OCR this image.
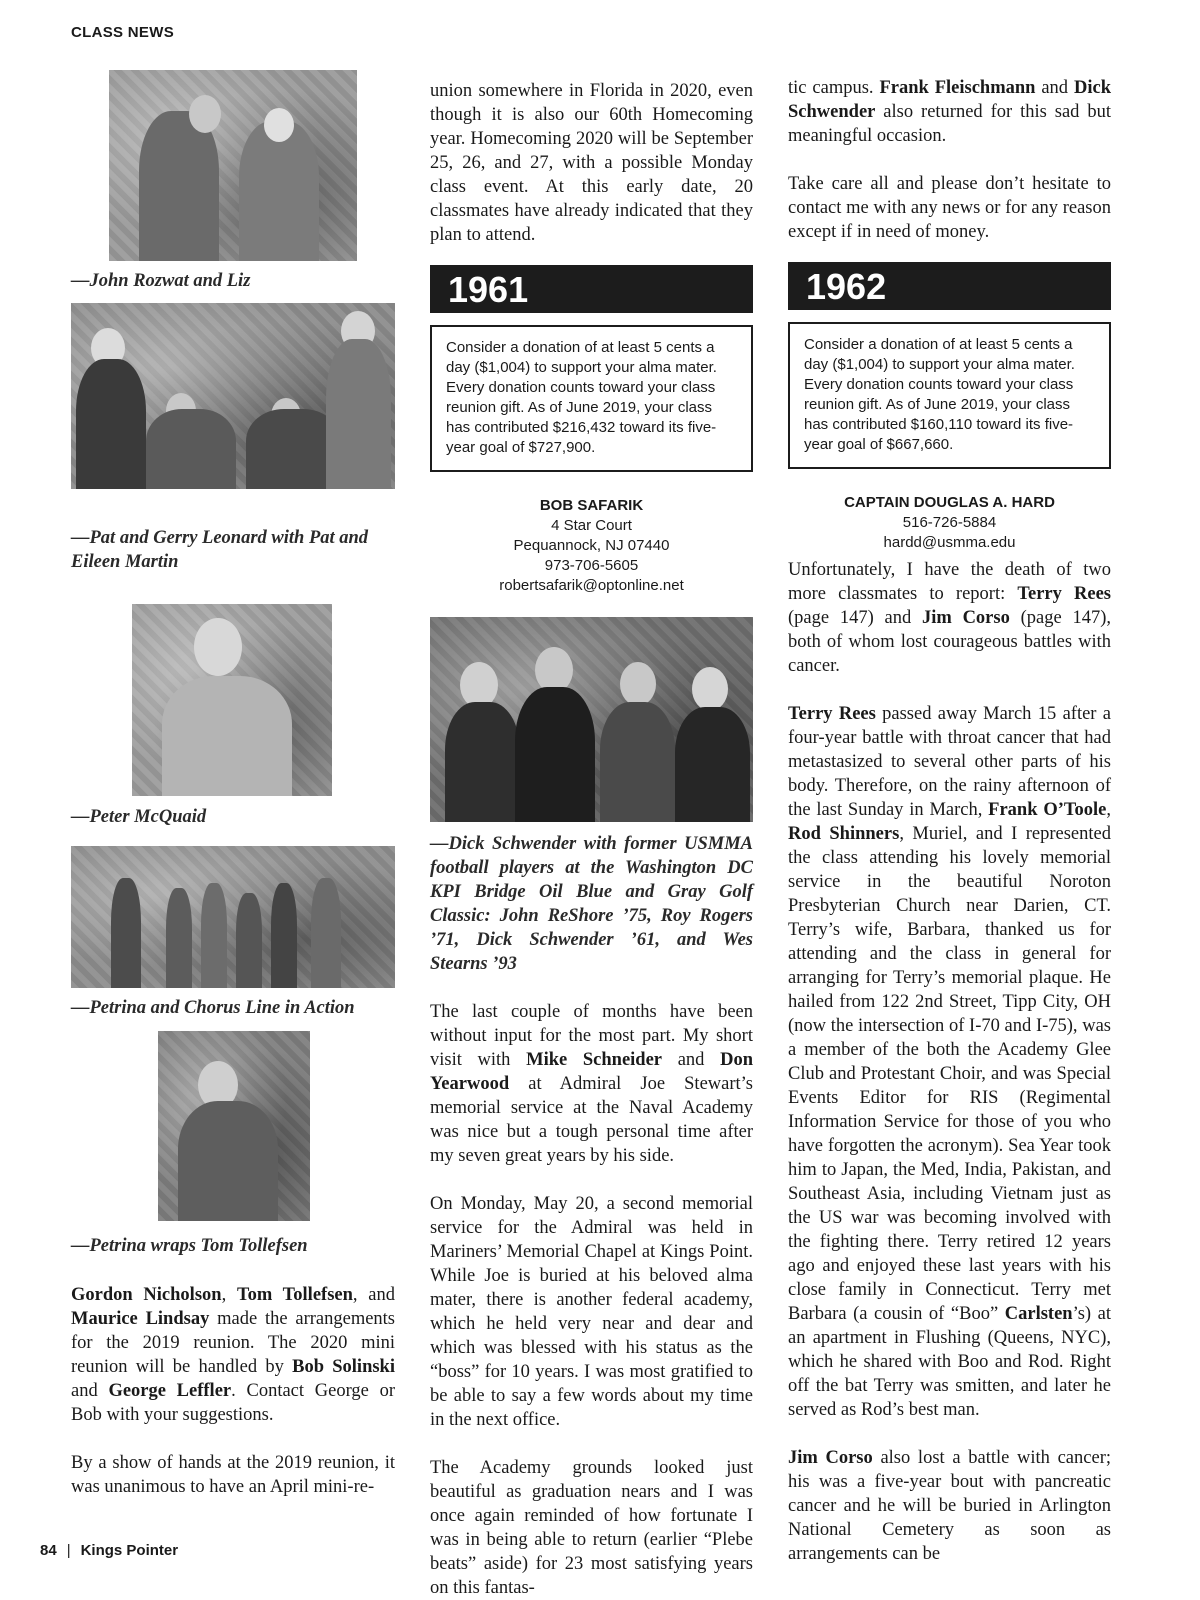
CLASS NEWS
—John Rozwat and Liz
—Pat and Gerry Leonard with Pat and Eileen Martin
—Peter McQuaid
—Petrina and Chorus Line in Action
—Petrina wraps Tom Tollefsen

Gordon Nicholson, Tom Tollefsen, and Maurice Lindsay made the arrangements for the 2019 reunion. The 2020 mini reunion will be handled by Bob Solinski and George Leffler. Contact George or Bob with your suggestions.

By a show of hands at the 2019 reunion, it was unanimous to have an April mini-re-

union somewhere in Florida in 2020, even though it is also our 60th Homecoming year. Homecoming 2020 will be September 25, 26, and 27, with a possible Monday class event. At this early date, 20 classmates have already indicated that they plan to attend.

1961
Consider a donation of at least 5 cents a day ($1,004) to support your alma mater. Every donation counts toward your class reunion gift. As of June 2019, your class has contributed $216,432 toward its five-year goal of $727,900.
BOB SAFARIK
4 Star Court
Pequannock, NJ 07440
973-706-5605
robertsafarik@optonline.net
—Dick Schwender with former USMMA football players at the Washington DC KPI Bridge Oil Blue and Gray Golf Classic: John ReShore ’75, Roy Rogers ’71, Dick Schwender ’61, and Wes Stearns ’93

The last couple of months have been without input for the most part. My short visit with Mike Schneider and Don Yearwood at Admiral Joe Stewart’s memorial service at the Naval Academy was nice but a tough personal time after my seven great years by his side.

On Monday, May 20, a second memorial service for the Admiral was held in Mariners’ Memorial Chapel at Kings Point. While Joe is buried at his beloved alma mater, there is another federal academy, which he held very near and dear and which was blessed with his status as the “boss” for 10 years. I was most gratified to be able to say a few words about my time in the next office.

The Academy grounds looked just beautiful as graduation nears and I was once again reminded of how fortunate I was in being able to return (earlier “Plebe beats” aside) for 23 most satisfying years on this fantas-

tic campus. Frank Fleischmann and Dick Schwender also returned for this sad but meaningful occasion.

Take care all and please don’t hesitate to contact me with any news or for any reason except if in need of money.

1962
Consider a donation of at least 5 cents a day ($1,004) to support your alma mater. Every donation counts toward your class reunion gift. As of June 2019, your class has contributed $160,110 toward its five-year goal of $667,660.
CAPTAIN DOUGLAS A. HARD
516-726-5884
hardd@usmma.edu

Unfortunately, I have the death of two more classmates to report: Terry Rees (page 147) and Jim Corso (page 147), both of whom lost courageous battles with cancer.

Terry Rees passed away March 15 after a four-year battle with throat cancer that had metastasized to several other parts of his body. Therefore, on the rainy afternoon of the last Sunday in March, Frank O’Toole, Rod Shinners, Muriel, and I represented the class attending his lovely memorial service in the beautiful Noroton Presbyterian Church near Darien, CT. Terry’s wife, Barbara, thanked us for attending and the class in general for arranging for Terry’s memorial plaque. He hailed from 122 2nd Street, Tipp City, OH (now the intersection of I-70 and I-75), was a member of the both the Academy Glee Club and Protestant Choir, and was Special Events Editor for RIS (Regimental Information Service for those of you who have forgotten the acronym). Sea Year took him to Japan, the Med, India, Pakistan, and Southeast Asia, including Vietnam just as the US war was becoming involved with the fighting there. Terry retired 12 years ago and enjoyed these last years with his close family in Connecticut. Terry met Barbara (a cousin of “Boo” Carlsten’s) at an apartment in Flushing (Queens, NYC), which he shared with Boo and Rod. Right off the bat Terry was smitten, and later he served as Rod’s best man.

Jim Corso also lost a battle with cancer; his was a five-year bout with pancreatic cancer and he will be buried in Arlington National Cemetery as soon as arrangements can be

84 | Kings Pointer
